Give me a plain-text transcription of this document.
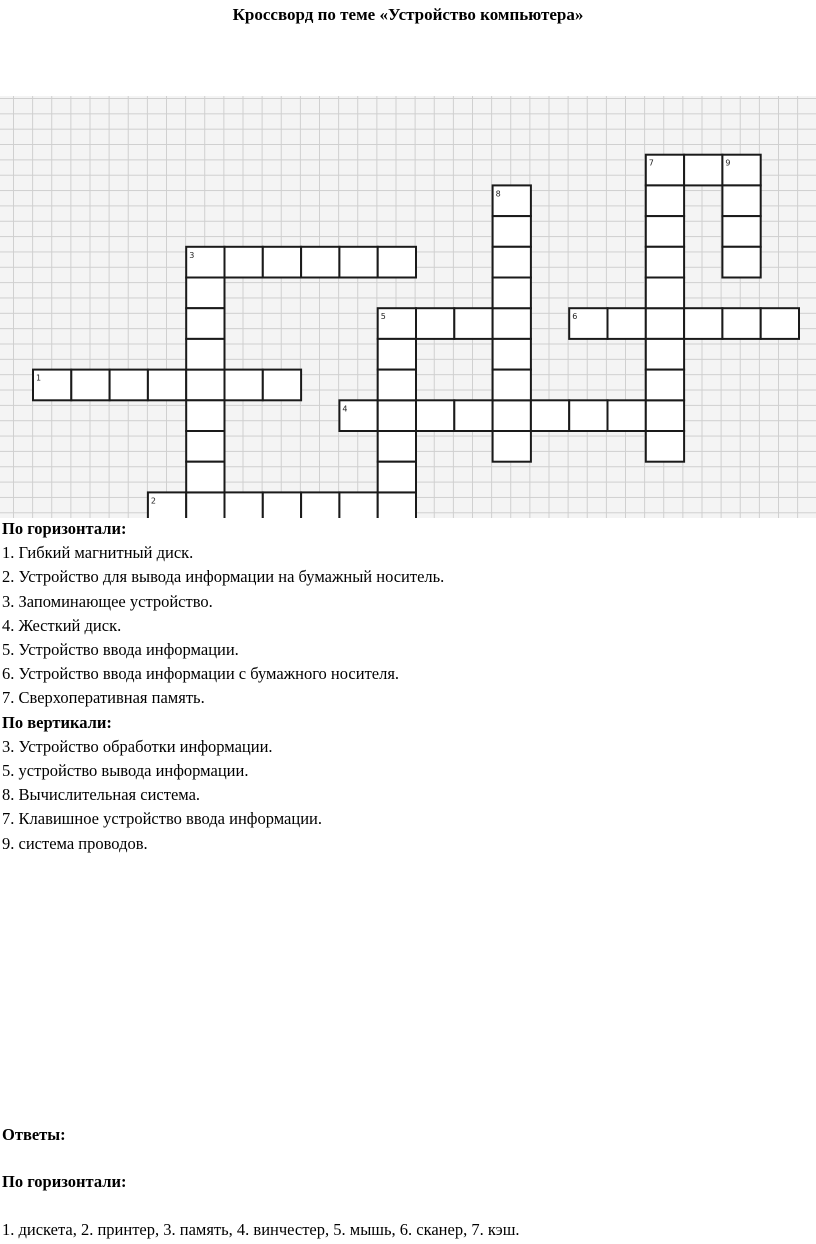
Кроссворд по теме «Устройство компьютера»
1
2
3
4
5	6
7
8
9

По горизонтали:

1. Гибкий магнитный диск.

2. Устройство для вывода информации на бумажный носитель.

3. Запоминающее устройство.

4. Жесткий диск.

5. Устройство ввода информации.

6. Устройство ввода информации с бумажного носителя.

7. Сверхоперативная память.

По вертикали:

3. Устройство обработки информации.

5. устройство вывода информации.

8. Вычислительная система.

7. Клавишное устройство ввода информации.

9. система проводов.

Ответы:
По горизонтали:
1. дискета, 2. принтер, 3. память, 4. винчестер, 5. мышь, 6. сканер, 7. кэш.
